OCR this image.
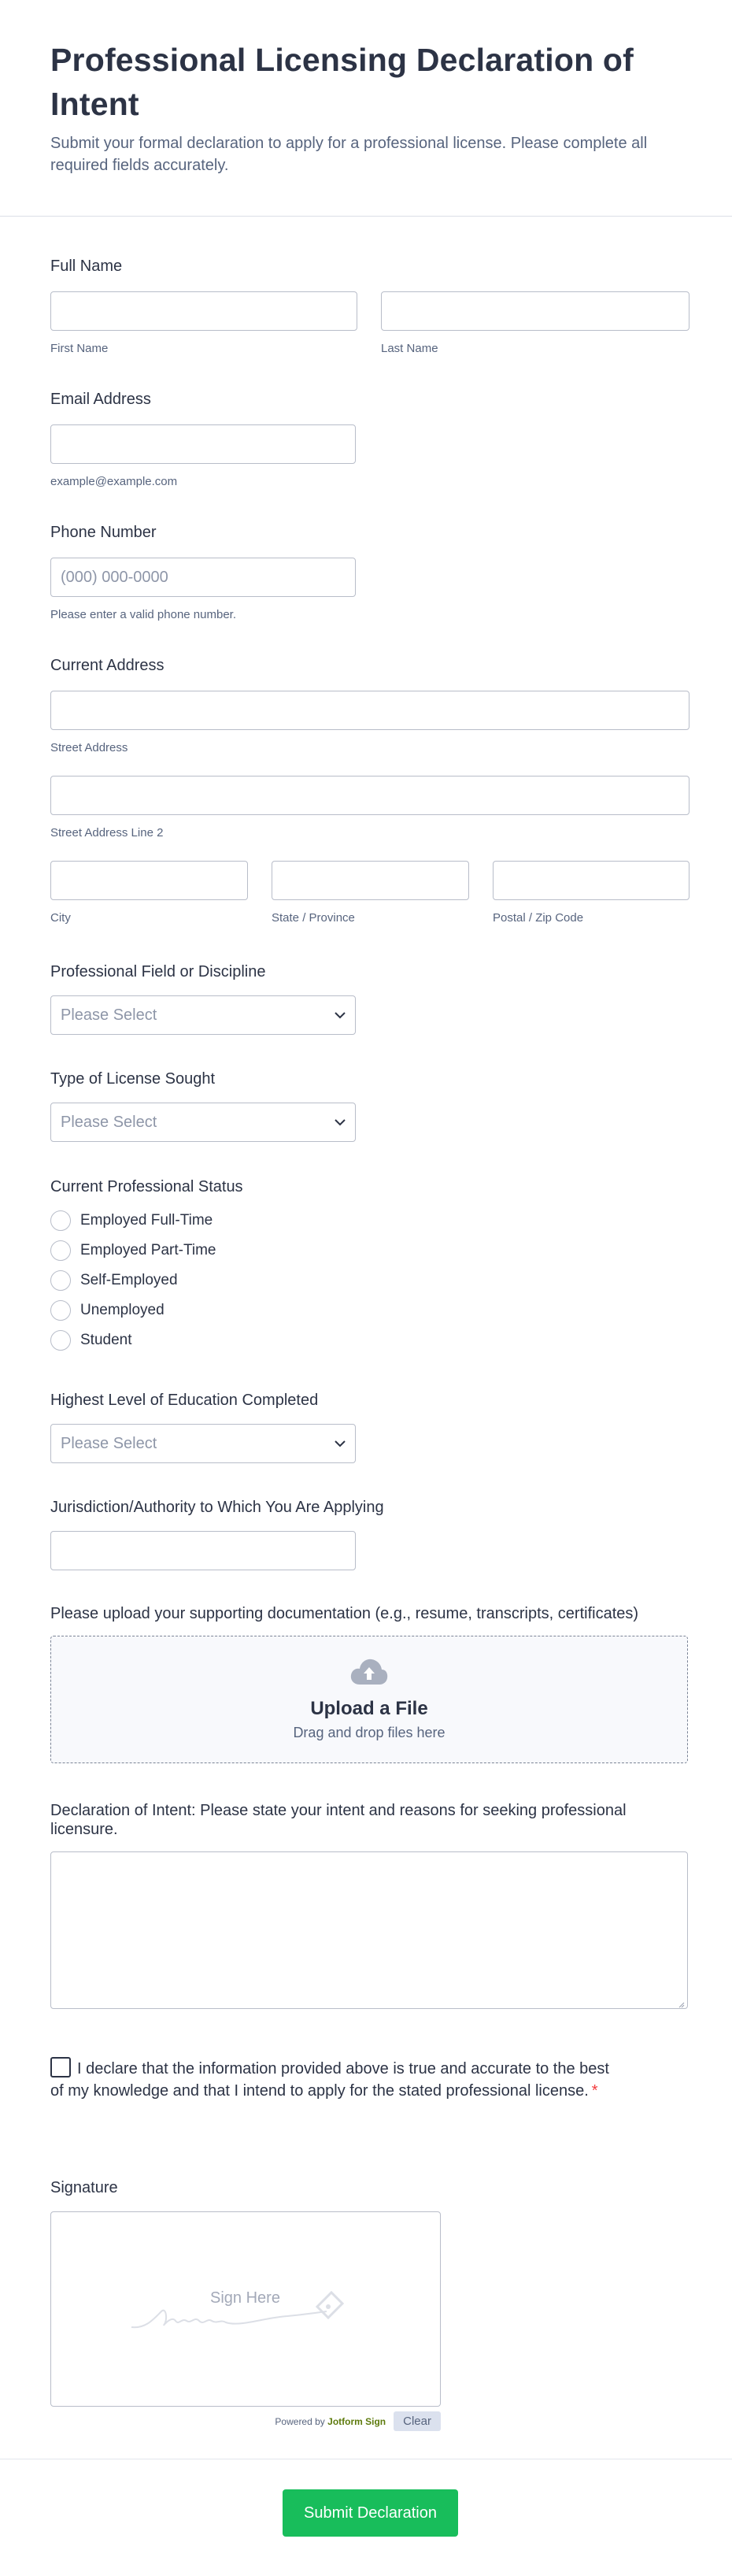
Professional Licensing Declaration of Intent

Submit your formal declaration to apply for a professional license. Please complete all required fields accurately.

Full Name
First Name	Last Name
Email Address
example@example.com
Phone Number
(000) 000-0000
Please enter a valid phone number.
Current Address
Street Address
Street Address Line 2
City	State / Province	Postal / Zip Code
Professional Field or Discipline
Please Select
Type of License Sought
Please Select
Current Professional Status
Employed Full-Time
Employed Part-Time
Self-Employed
Unemployed
Student
Highest Level of Education Completed
Please Select
Jurisdiction/Authority to Which You Are Applying
Please upload your supporting documentation (e.g., resume, transcripts, certificates)
Upload a File
Drag and drop files here
Declaration of Intent: Please state your intent and reasons for seeking professional licensure.
I declare that the information provided above is true and accurate to the best of my knowledge and that I intend to apply for the stated professional license. *
Signature
Sign Here
Powered by Jotform Sign	Clear
Submit Declaration
